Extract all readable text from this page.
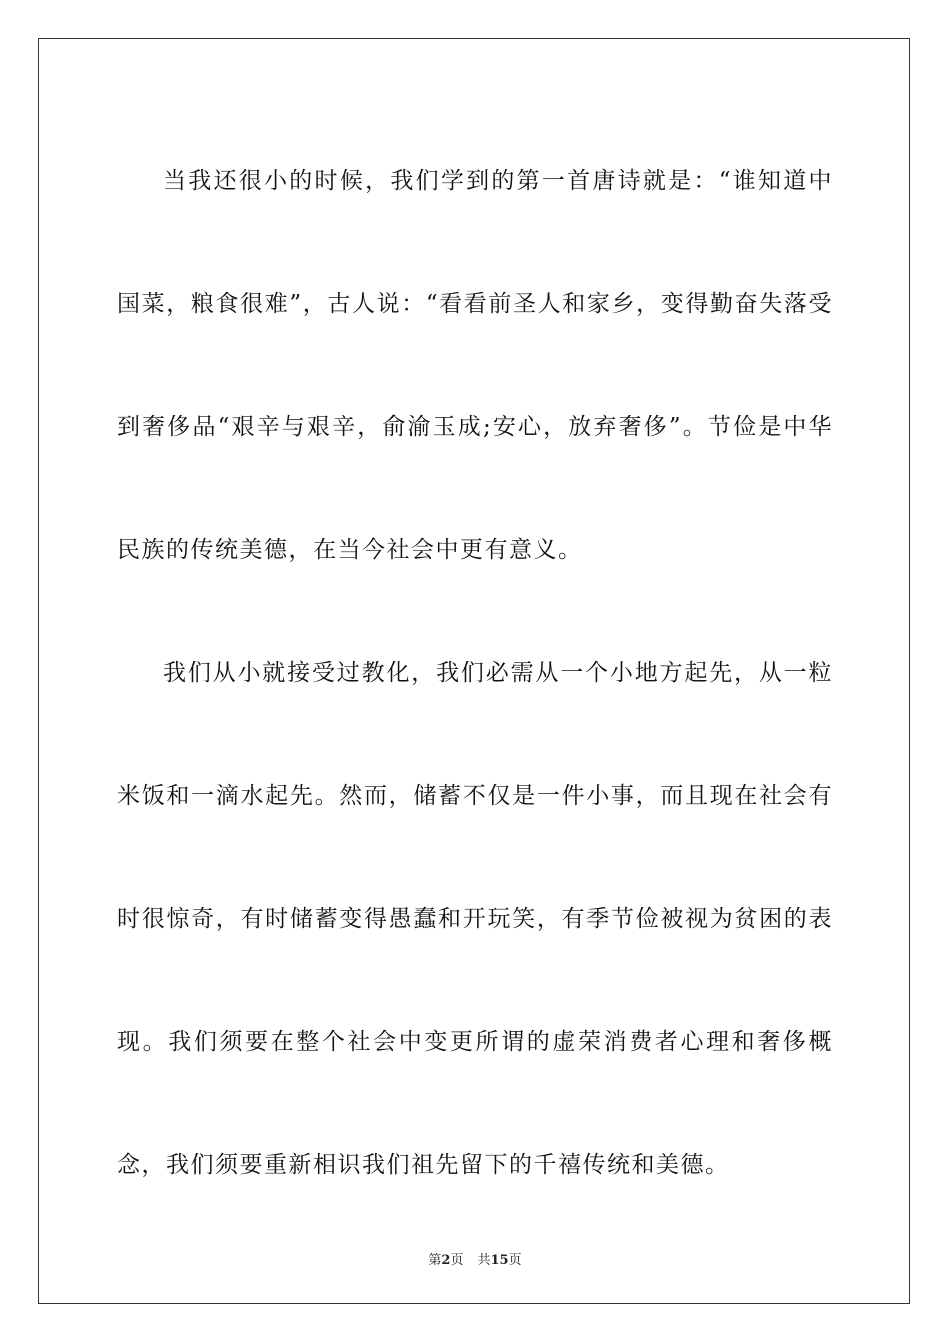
当我还很小的时候，我们学到的第一首唐诗就是：“谁知道中国菜，粮食很难”，古人说：“看看前圣人和家乡，变得勤奋失落受到奢侈品“艰辛与艰辛，俞渝玉成;安心，放弃奢侈”。节俭是中华民族的传统美德，在当今社会中更有意义。

我们从小就接受过教化，我们必需从一个小地方起先，从一粒米饭和一滴水起先。然而，储蓄不仅是一件小事，而且现在社会有时很惊奇，有时储蓄变得愚蠢和开玩笑，有季节俭被视为贫困的表现。我们须要在整个社会中变更所谓的虚荣消费者心理和奢侈概念，我们须要重新相识我们祖先留下的千禧传统和美德。

第2页 共15页
